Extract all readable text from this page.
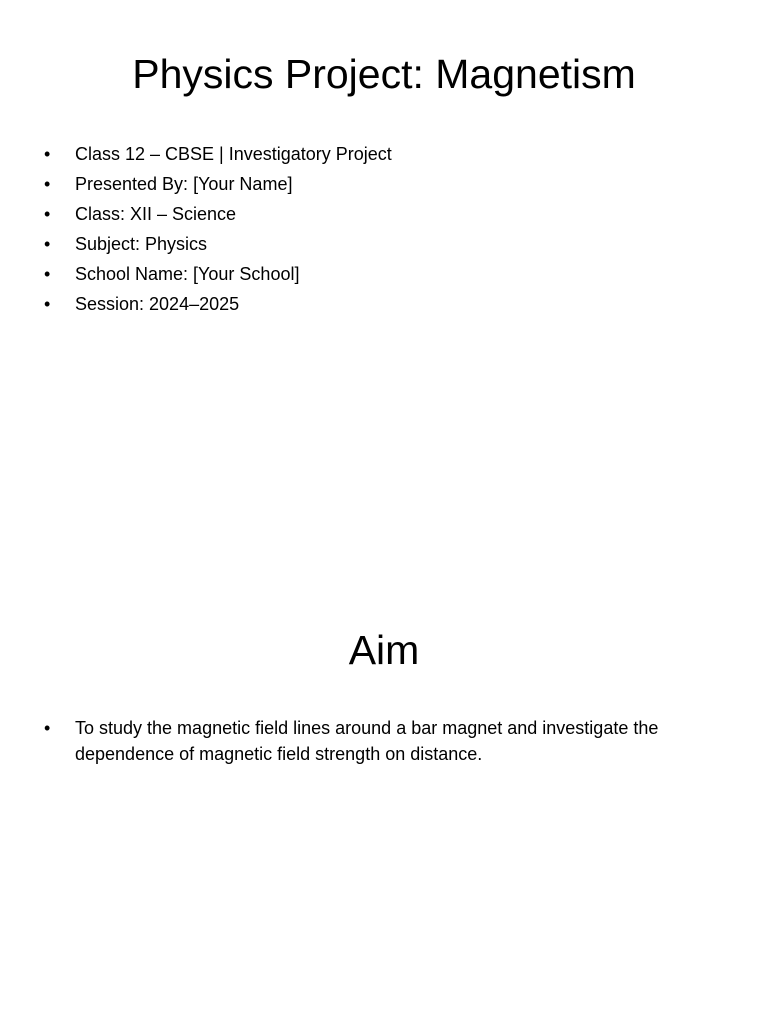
Physics Project: Magnetism
•	Class 12 – CBSE | Investigatory Project
•	Presented By: [Your Name]
•	Class: XII – Science
•	Subject: Physics
•	School Name: [Your School]
•	Session: 2024–2025
Aim
•	To study the magnetic field lines around a bar magnet and investigate the dependence of magnetic field strength on distance.
